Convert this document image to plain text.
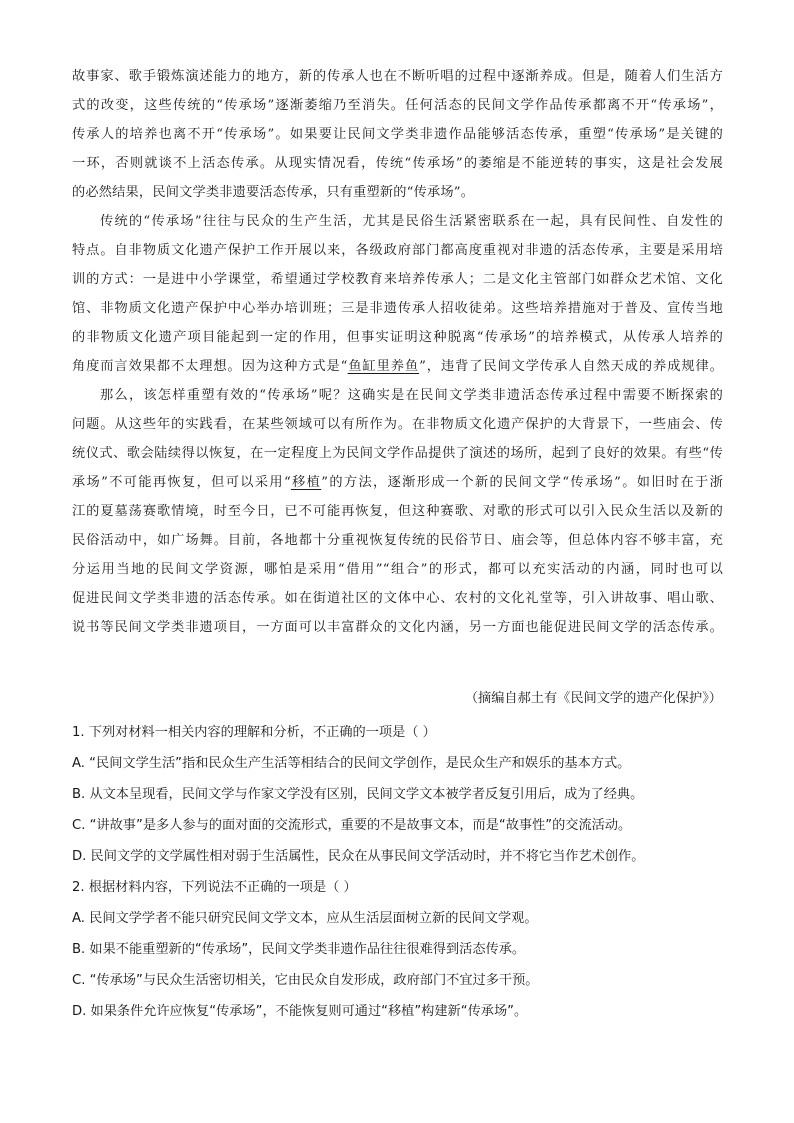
故事家、歌手锻炼演述能力的地方，新的传承人也在不断听唱的过程中逐渐养成。但是，随着人们生活方
式的改变，这些传统的“传承场”逐渐萎缩乃至消失。任何活态的民间文学作品传承都离不开“传承场”，
传承人的培养也离不开“传承场”。如果要让民间文学类非遗作品能够活态传承，重塑“传承场”是关键的
一环，否则就谈不上活态传承。从现实情况看，传统“传承场”的萎缩是不能逆转的事实，这是社会发展
的必然结果，民间文学类非遗要活态传承，只有重塑新的“传承场”。
传统的“传承场”往往与民众的生产生活，尤其是民俗生活紧密联系在一起，具有民间性、自发性的
特点。自非物质文化遗产保护工作开展以来，各级政府部门都高度重视对非遗的活态传承，主要是采用培
训的方式：一是进中小学课堂，希望通过学校教育来培养传承人；二是文化主管部门如群众艺术馆、文化
馆、非物质文化遗产保护中心举办培训班；三是非遗传承人招收徒弟。这些培养措施对于普及、宣传当地
的非物质文化遗产项目能起到一定的作用，但事实证明这种脱离“传承场”的培养模式，从传承人培养的
角度而言效果都不太理想。因为这种方式是“鱼缸里养鱼”，违背了民间文学传承人自然天成的养成规律。
那么，该怎样重塑有效的“传承场”呢？这确实是在民间文学类非遗活态传承过程中需要不断探索的
问题。从这些年的实践看，在某些领域可以有所作为。在非物质文化遗产保护的大背景下，一些庙会、传
统仪式、歌会陆续得以恢复，在一定程度上为民间文学作品提供了演述的场所，起到了良好的效果。有些“传
承场”不可能再恢复，但可以采用“移植”的方法，逐渐形成一个新的民间文学“传承场”。如旧时在于浙
江的夏墓荡赛歌情境，时至今日，已不可能再恢复，但这种赛歌、对歌的形式可以引入民众生活以及新的
民俗活动中，如广场舞。目前，各地都十分重视恢复传统的民俗节日、庙会等，但总体内容不够丰富，充
分运用当地的民间文学资源，哪怕是采用“借用”“组合”的形式，都可以充实活动的内涵，同时也可以
促进民间文学类非遗的活态传承。如在街道社区的文体中心、农村的文化礼堂等，引入讲故事、唱山歌、
说书等民间文学类非遗项目，一方面可以丰富群众的文化内涵，另一方面也能促进民间文学的活态传承。
（摘编自郝土有《民间文学的遗产化保护》）
1. 下列对材料一相关内容的理解和分析，不正确的一项是（ ）
A. “民间文学生活”指和民众生产生活等相结合的民间文学创作，是民众生产和娱乐的基本方式。
B. 从文本呈现看，民间文学与作家文学没有区别，民间文学文本被学者反复引用后，成为了经典。
C. “讲故事”是多人参与的面对面的交流形式，重要的不是故事文本，而是“故事性”的交流活动。
D. 民间文学的文学属性相对弱于生活属性，民众在从事民间文学活动时，并不将它当作艺术创作。
2. 根据材料内容，下列说法不正确的一项是（ ）
A. 民间文学学者不能只研究民间文学文本，应从生活层面树立新的民间文学观。
B. 如果不能重塑新的“传承场”，民间文学类非遗作品往往很难得到活态传承。
C. “传承场”与民众生活密切相关，它由民众自发形成，政府部门不宜过多干预。
D. 如果条件允许应恢复“传承场”，不能恢复则可通过“移植”构建新“传承场”。
